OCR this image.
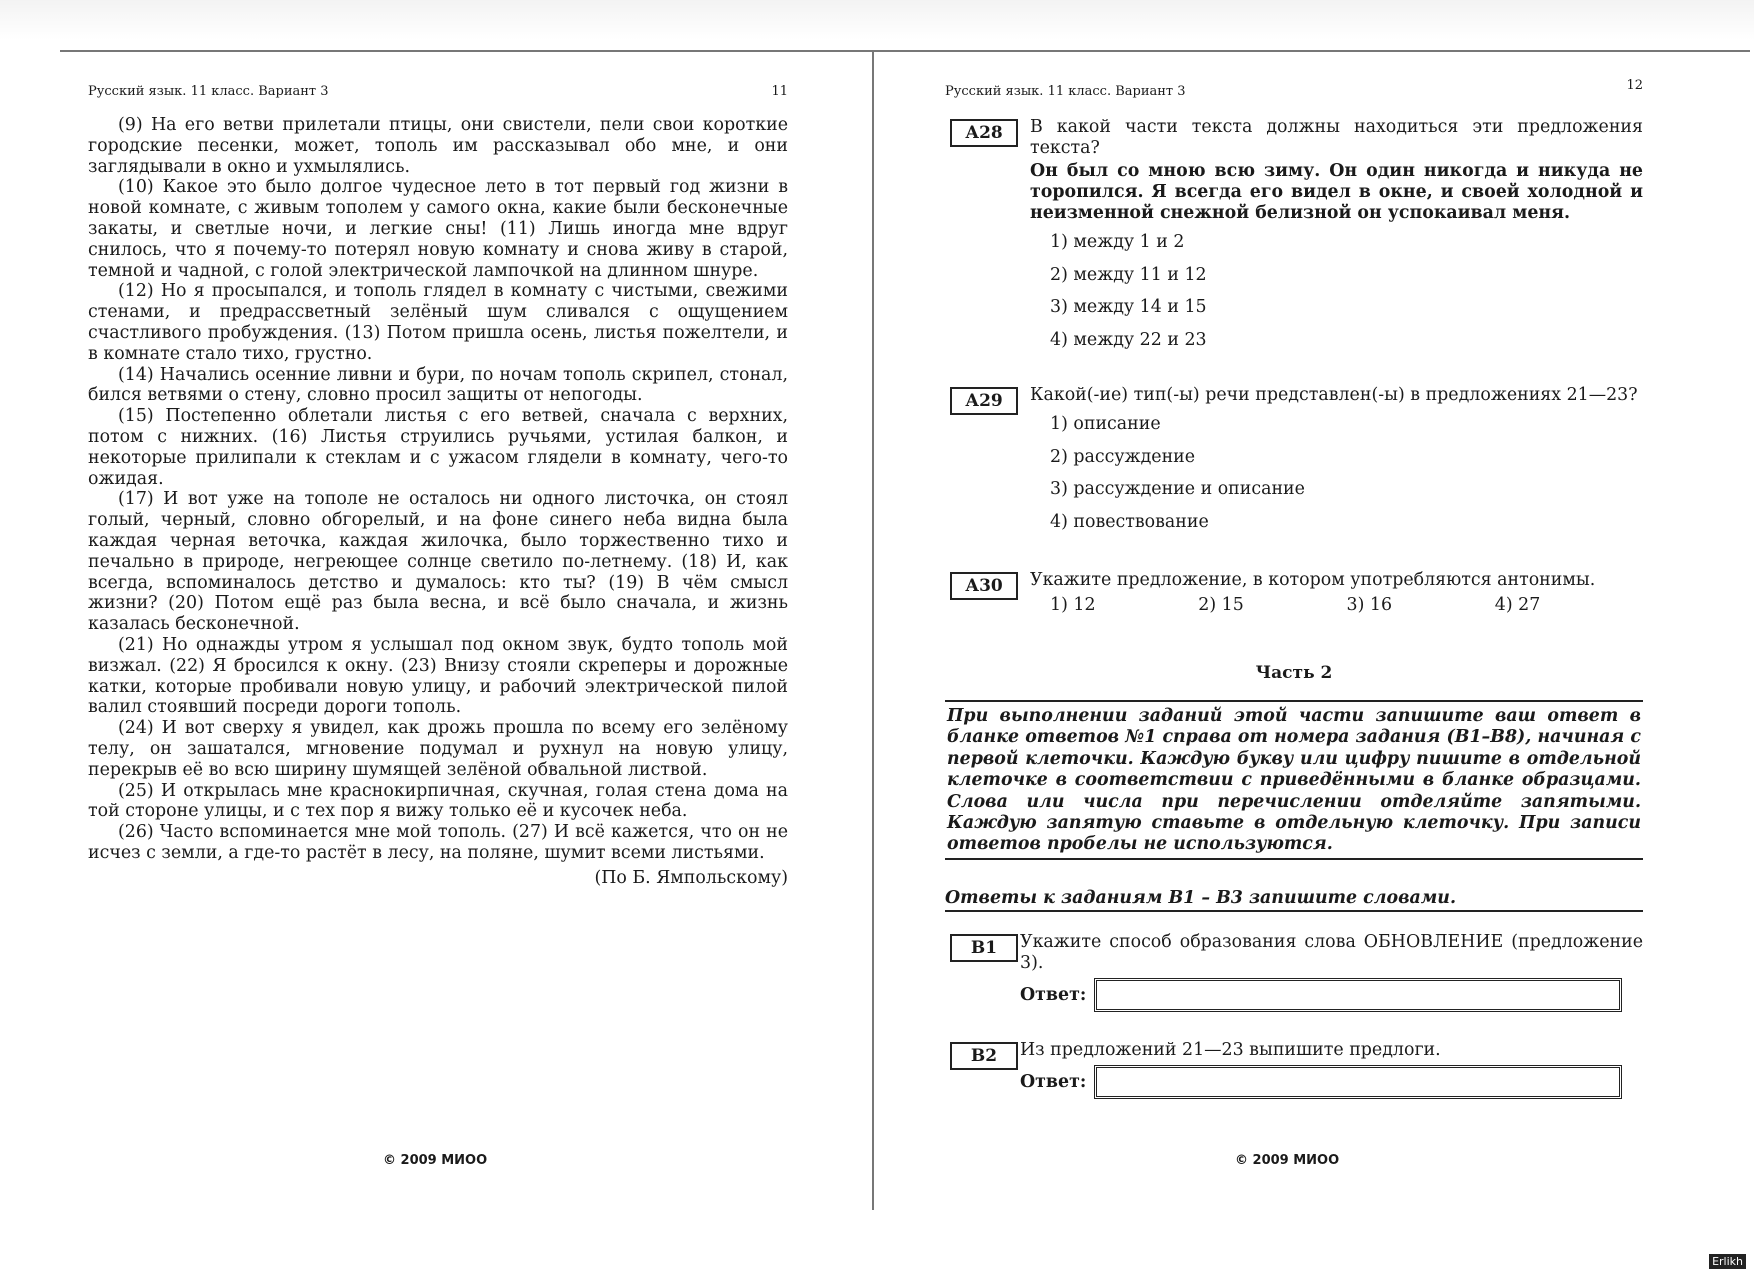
Русский язык. 11 класс. Вариант 3	11

(9) На его ветви прилетали птицы, они свистели, пели свои короткие городские песенки, может, тополь им рассказывал обо мне, и они заглядывали в окно и ухмылялись.

(10) Какое это было долгое чудесное лето в тот первый год жизни в новой комнате, с живым тополем у самого окна, какие были бесконечные закаты, и светлые ночи, и легкие сны! (11) Лишь иногда мне вдруг снилось, что я почему-то потерял новую комнату и снова живу в старой, темной и чадной, с голой электрической лампочкой на длинном шнуре.

(12) Но я просыпался, и тополь глядел в комнату с чистыми, свежими стенами, и предрассветный зелёный шум сливался с ощущением счастливого пробуждения. (13) Потом пришла осень, листья пожелтели, и в комнате стало тихо, грустно.

(14) Начались осенние ливни и бури, по ночам тополь скрипел, стонал, бился ветвями о стену, словно просил защиты от непогоды.

(15) Постепенно облетали листья с его ветвей, сначала с верхних, потом с нижних. (16) Листья струились ручьями, устилая балкон, и некоторые прилипали к стеклам и с ужасом глядели в комнату, чего-то ожидая.

(17) И вот уже на тополе не осталось ни одного листочка, он стоял голый, черный, словно обгорелый, и на фоне синего неба видна была каждая черная веточка, каждая жилочка, было торжественно тихо и печально в природе, негреющее солнце светило по-летнему. (18) И, как всегда, вспоминалось детство и думалось: кто ты? (19) В чём смысл жизни? (20) Потом ещё раз была весна, и всё было сначала, и жизнь казалась бесконечной.

(21) Но однажды утром я услышал под окном звук, будто тополь мой визжал. (22) Я бросился к окну. (23) Внизу стояли скреперы и дорожные катки, которые пробивали новую улицу, и рабочий электрической пилой валил стоявший посреди дороги тополь.

(24) И вот сверху я увидел, как дрожь прошла по всему его зелёному телу, он зашатался, мгновение подумал и рухнул на новую улицу, перекрыв её во всю ширину шумящей зелёной обвальной листвой.

(25) И открылась мне краснокирпичная, скучная, голая стена дома на той стороне улицы, и с тех пор я вижу только её и кусочек неба.

(26) Часто вспоминается мне мой тополь. (27) И всё кажется, что он не исчез с земли, а где-то растёт в лесу, на поляне, шумит всеми листьями.

(По Б. Ямпольскому)

© 2009 МИОО
Русский язык. 11 класс. Вариант 3	12
А28	В какой части текста должны находиться эти предложения текста?
Он был со мною всю зиму. Он один никогда и никуда не торопился. Я всегда его видел в окне, и своей холодной и неизменной снежной белизной он успокаивал меня.
1) между 1 и 2
2) между 11 и 12
3) между 14 и 15
4) между 22 и 23
А29	Какой(-ие) тип(-ы) речи представлен(-ы) в предложениях 21—23?
1) описание
2) рассуждение
3) рассуждение и описание
4) повествование
А30	Укажите предложение, в котором употребляются антонимы.
1) 12	2) 15	3) 16	4) 27
Часть 2
При выполнении заданий этой части запишите ваш ответ в бланке ответов №1 справа от номера задания (В1–В8), начиная с первой клеточки. Каждую букву или цифру пишите в отдельной клеточке в соответствии с приведёнными в бланке образцами. Слова или числа при перечислении отделяйте запятыми. Каждую запятую ставьте в отдельную клеточку. При записи ответов пробелы не используются.
Ответы к заданиям В1 – В3 запишите словами.
В1	Укажите способ образования слова ОБНОВЛЕНИЕ (предложение 3).
Ответ:
В2	Из предложений 21—23 выпишите предлоги.
Ответ:
© 2009 МИОО
Erlikh
